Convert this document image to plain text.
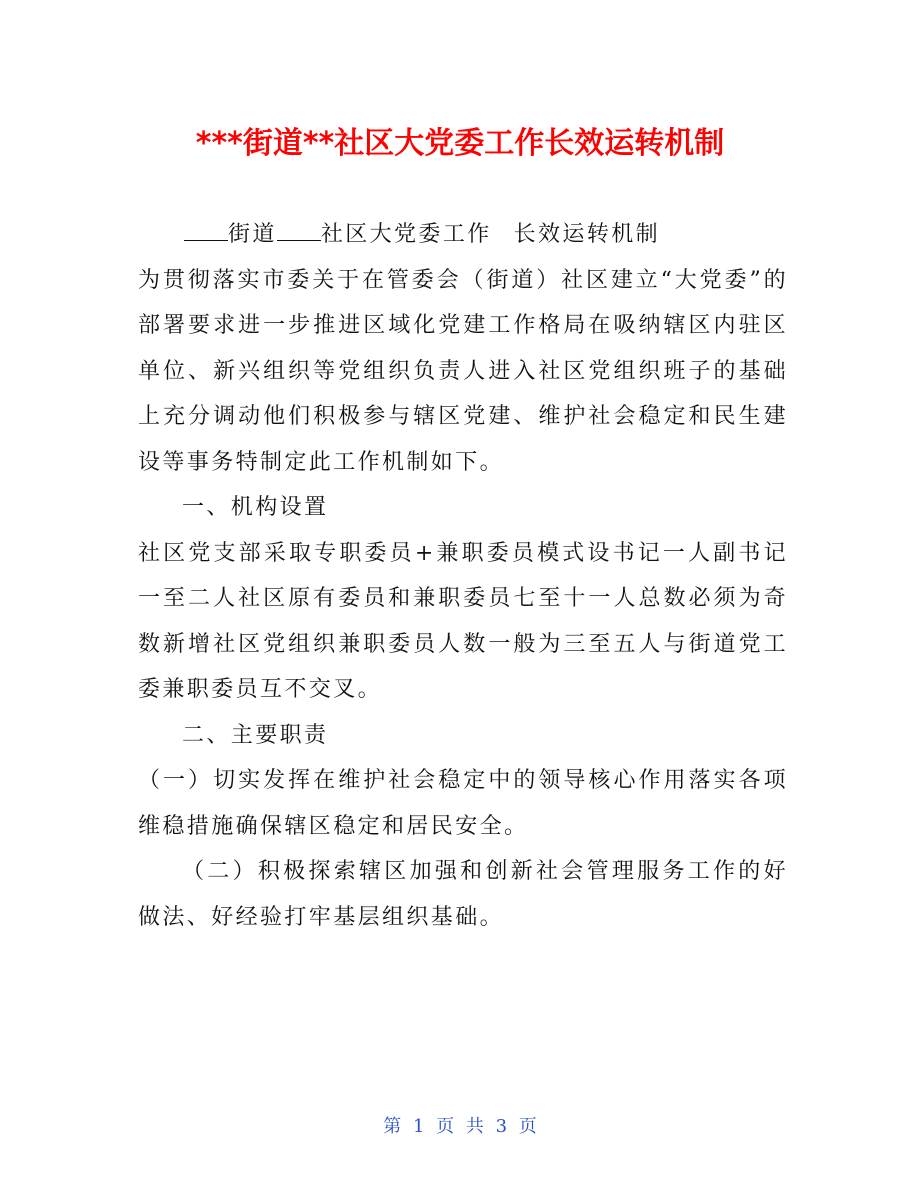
***街道**社区大党委工作长效运转机制

街道 社区大党委工作 长效运转机制

为贯彻落实市委关于在管委会（街道）社区建立“大党委”的部署要求进一步推进区域化党建工作格局在吸纳辖区内驻区单位、新兴组织等党组织负责人进入社区党组织班子的基础上充分调动他们积极参与辖区党建、维护社会稳定和民生建设等事务特制定此工作机制如下。

一、机构设置

社区党支部采取专职委员+兼职委员模式设书记一人副书记一至二人社区原有委员和兼职委员七至十一人总数必须为奇数新增社区党组织兼职委员人数一般为三至五人与街道党工委兼职委员互不交叉。

二、主要职责

（一）切实发挥在维护社会稳定中的领导核心作用落实各项维稳措施确保辖区稳定和居民安全。

（二）积极探索辖区加强和创新社会管理服务工作的好做法、好经验打牢基层组织基础。

第 1 页 共 3 页
